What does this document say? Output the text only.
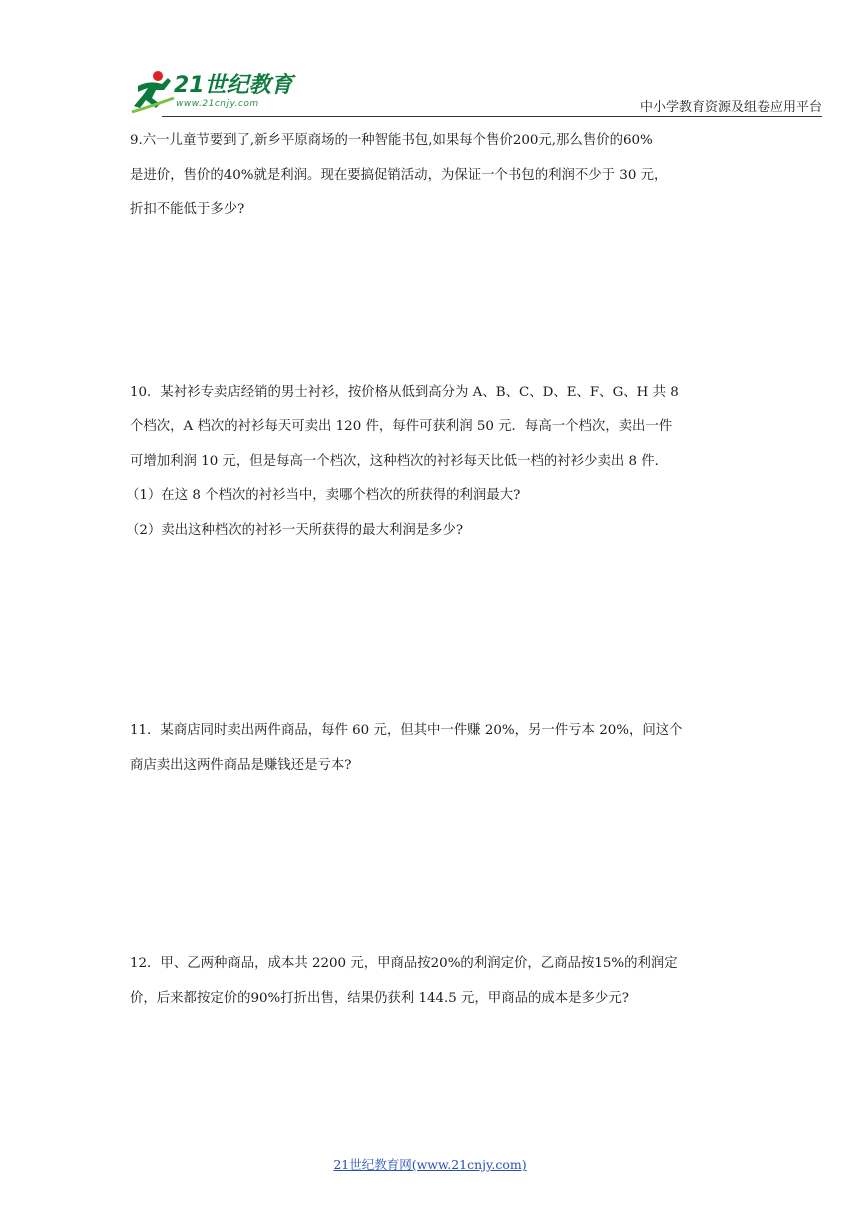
21世纪教育
www.21cnjy.com	中小学教育资源及组卷应用平台

9.六一儿童节要到了,新乡平原商场的一种智能书包,如果每个售价200元,那么售价的60%

是进价，售价的40%就是利润。现在要搞促销活动，为保证一个书包的利润不少于 30 元，

折扣不能低于多少?

10．某衬衫专卖店经销的男士衬衫，按价格从低到高分为 A、B、C、D、E、F、G、H 共 8

个档次，A 档次的衬衫每天可卖出 120 件，每件可获利润 50 元．每高一个档次，卖出一件

可增加利润 10 元，但是每高一个档次，这种档次的衬衫每天比低一档的衬衫少卖出 8 件．

（1）在这 8 个档次的衬衫当中，卖哪个档次的所获得的利润最大?

（2）卖出这种档次的衬衫一天所获得的最大利润是多少?

11．某商店同时卖出两件商品，每件 60 元，但其中一件赚 20%，另一件亏本 20%，问这个

商店卖出这两件商品是赚钱还是亏本?

12．甲、乙两种商品，成本共 2200 元，甲商品按20%的利润定价，乙商品按15%的利润定

价，后来都按定价的90%打折出售，结果仍获利 144.5 元，甲商品的成本是多少元?

21世纪教育网(www.21cnjy.com)
